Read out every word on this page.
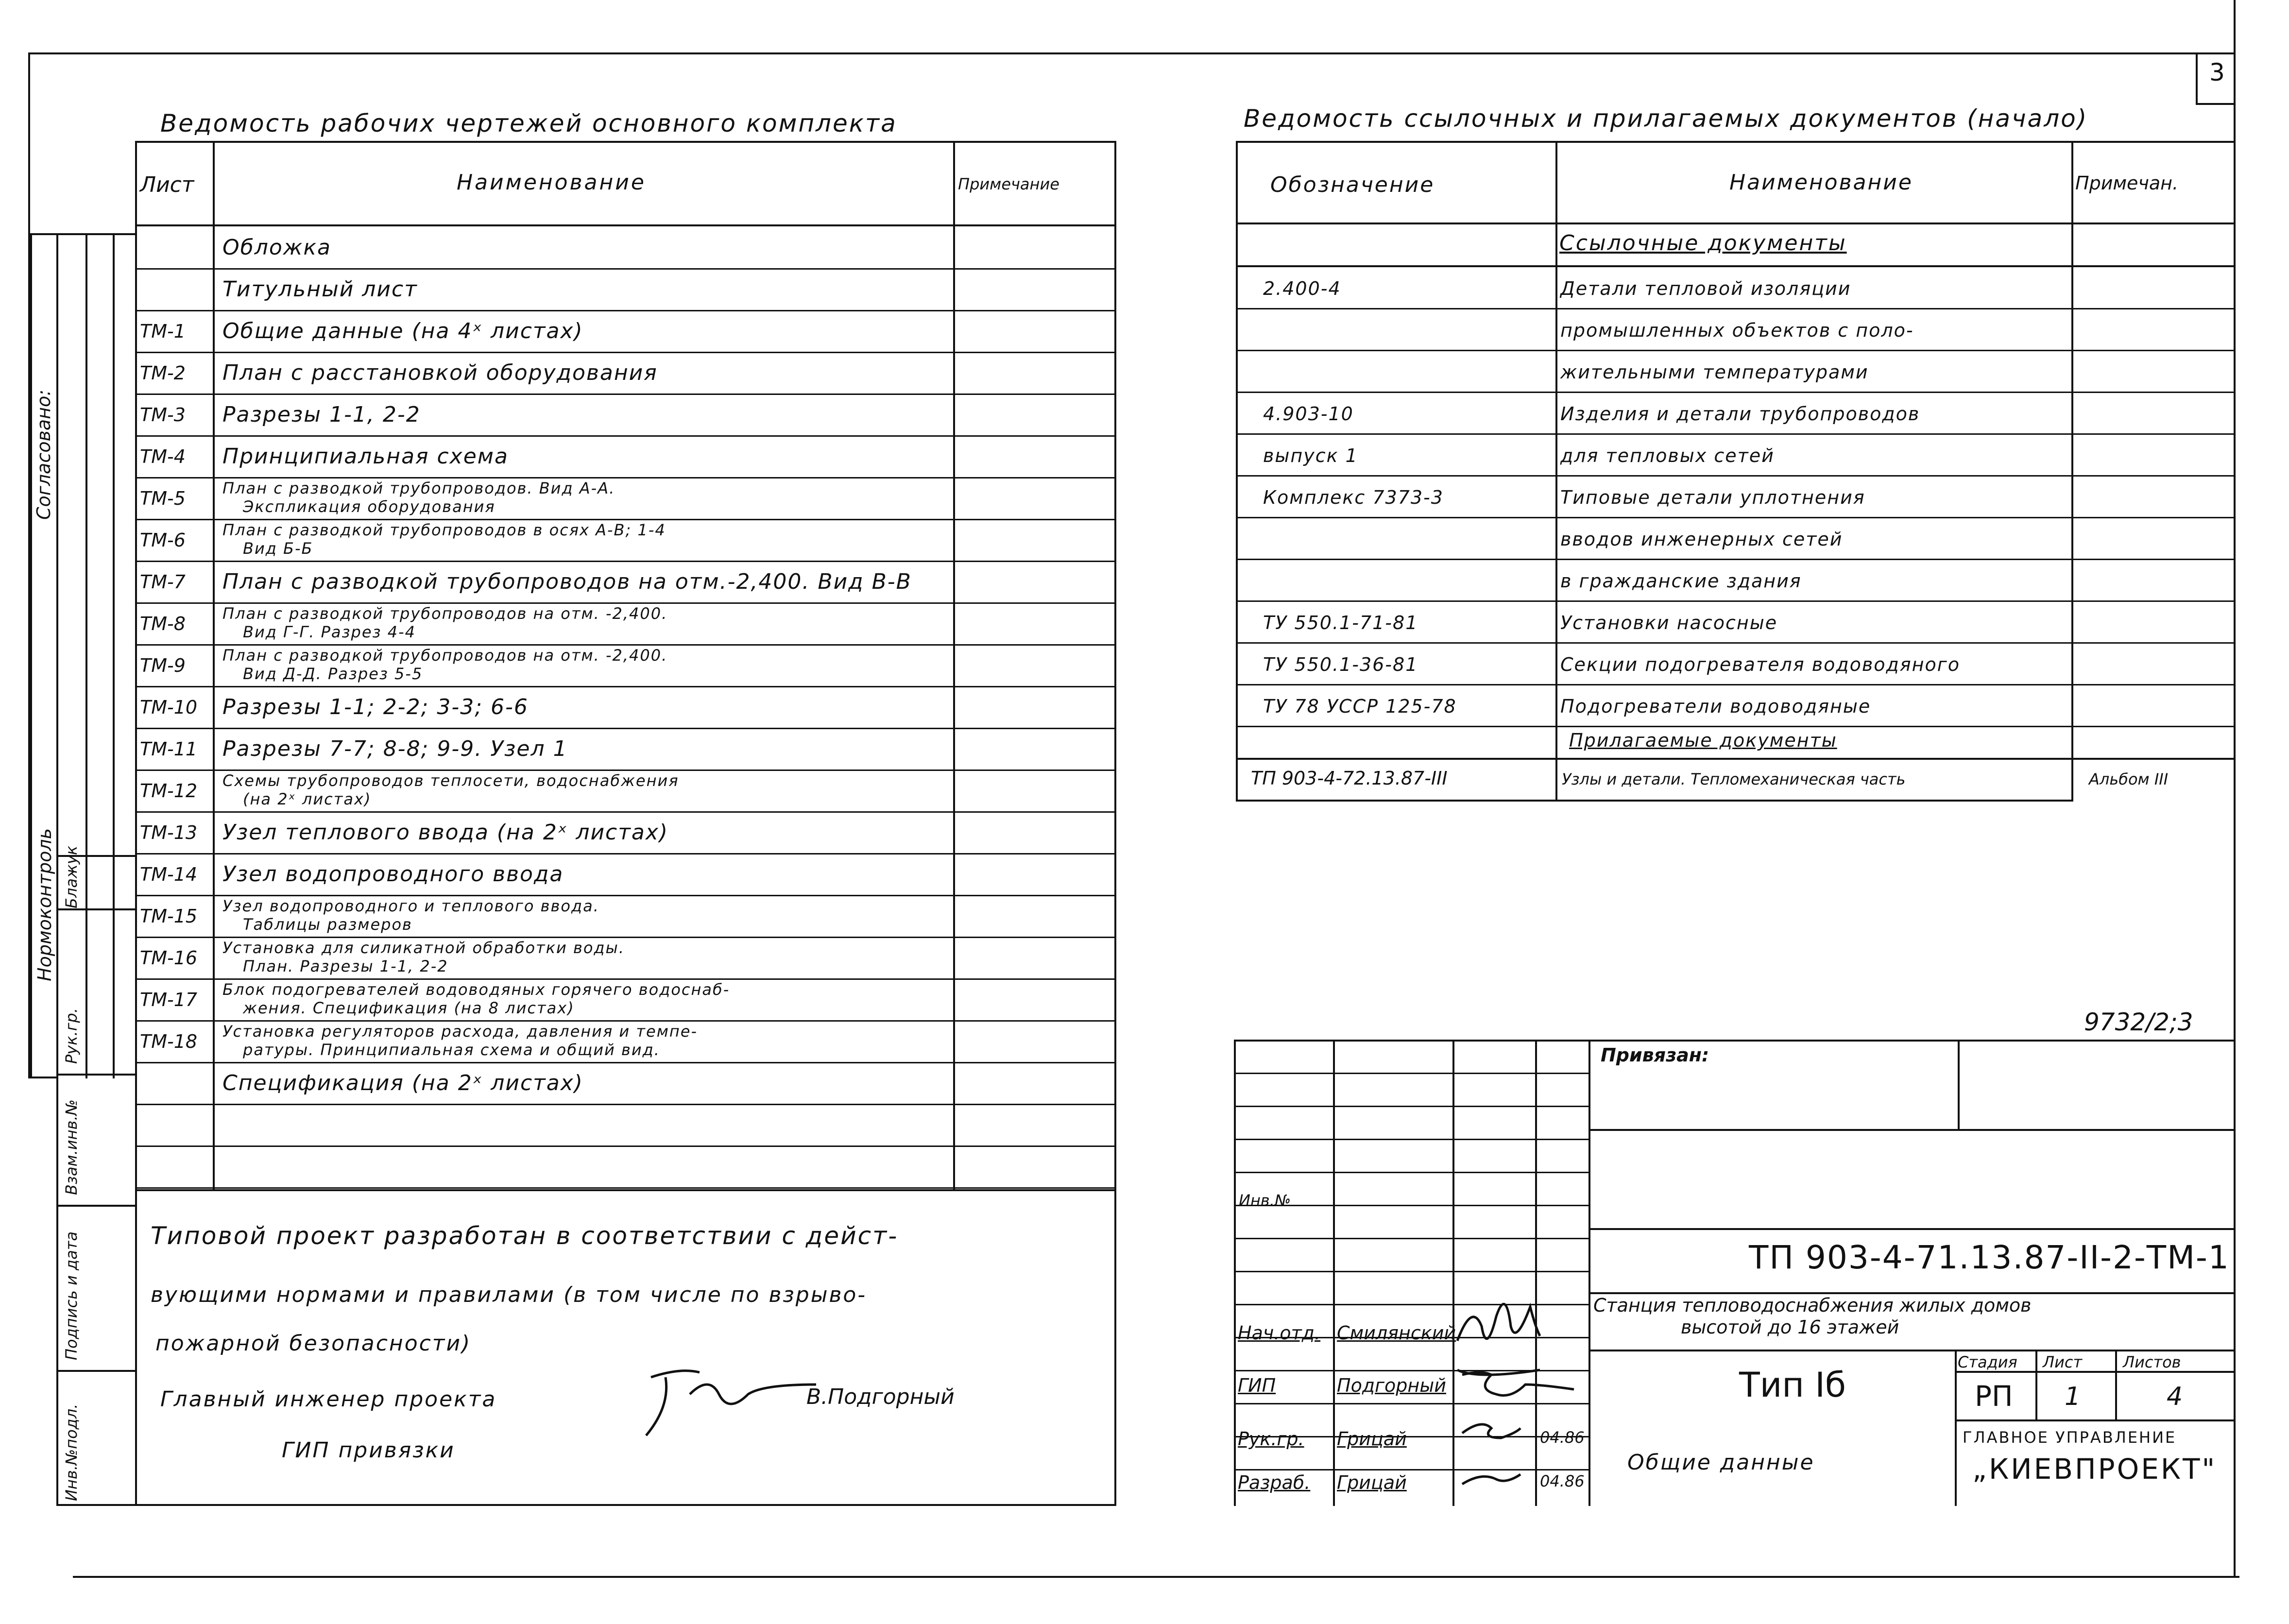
3
Согласовано:
Нормоконтроль Блажук
Рук.гр.
Взам.инв.№
Подпись и дата
Инв.№подл.
Ведомость рабочих чертежей основного комплекта
Лист	Наименование	Примечание
Обложка
Титульный лист
ТМ-1 Общие данные (на 4ˣ листах)
ТМ-2 План с расстановкой оборудования
ТМ-3 Разрезы 1-1, 2-2
ТМ-4 Принципиальная схема
ТМ-5 План с разводкой трубопроводов. Вид А-А.
Экспликация оборудования
ТМ-6 План с разводкой трубопроводов в осях А-В; 1-4
Вид Б-Б
ТМ-7 План с разводкой трубопроводов на отм.-2,400. Вид В-В
ТМ-8 План с разводкой трубопроводов на отм. -2,400.
Вид Г-Г. Разрез 4-4
ТМ-9 План с разводкой трубопроводов на отм. -2,400.
Вид Д-Д. Разрез 5-5
ТМ-10 Разрезы 1-1; 2-2; 3-3; 6-6
ТМ-11 Разрезы 7-7; 8-8; 9-9. Узел 1
ТМ-12 Схемы трубопроводов теплосети, водоснабжения
(на 2ˣ листах)
ТМ-13 Узел теплового ввода (на 2ˣ листах)
ТМ-14 Узел водопроводного ввода
ТМ-15 Узел водопроводного и теплового ввода.
Таблицы размеров
ТМ-16 Установка для силикатной обработки воды.
План. Разрезы 1-1, 2-2
ТМ-17 Блок подогревателей водоводяных горячего водоснаб-
жения. Спецификация (на 8 листах)
ТМ-18 Установка регуляторов расхода, давления и темпе-
ратуры. Принципиальная схема и общий вид.
Спецификация (на 2ˣ листах)
Типовой проект разработан в соответствии с дейст-
вующими нормами и правилами (в том числе по взрыво-
пожарной безопасности)
Главный инженер проекта	В.Подгорный
ГИП привязки
Ведомость ссылочных и прилагаемых документов (начало)
Обозначение	Наименование	Примечан.
Ссылочные документы
2.400-4	Детали тепловой изоляции
промышленных объектов с поло-
жительными температурами
4.903-10	Изделия и детали трубопроводов
выпуск 1	для тепловых сетей
Комплекс 7373-3	Типовые детали уплотнения
вводов инженерных сетей
в гражданские здания
ТУ 550.1-71-81	Установки насосные
ТУ 550.1-36-81	Секции подогревателя водоводяного
ТУ 78 УССР 125-78	Подогреватели водоводяные
Прилагаемые документы
ТП 903-4-72.13.87-III	Узлы и детали. Тепломеханическая часть	Альбом III
9732/2;3
Привязан:
Инв.№
ТП 903-4-71.13.87-II-2-ТМ-1
Станция тепловодоснабжения жилых домов
высотой до 16 этажей
Тип Iб
Общие данные
Стадия Лист	Листов
РП 1	4
ГЛАВНОЕ УПРАВЛЕНИЕ
„КИЕВПРОЕКТ"
Нач.отд. Смилянский
ГИП	Подгорный
Рук.гр. Грицай	04.86
Разраб. Грицай	04.86
